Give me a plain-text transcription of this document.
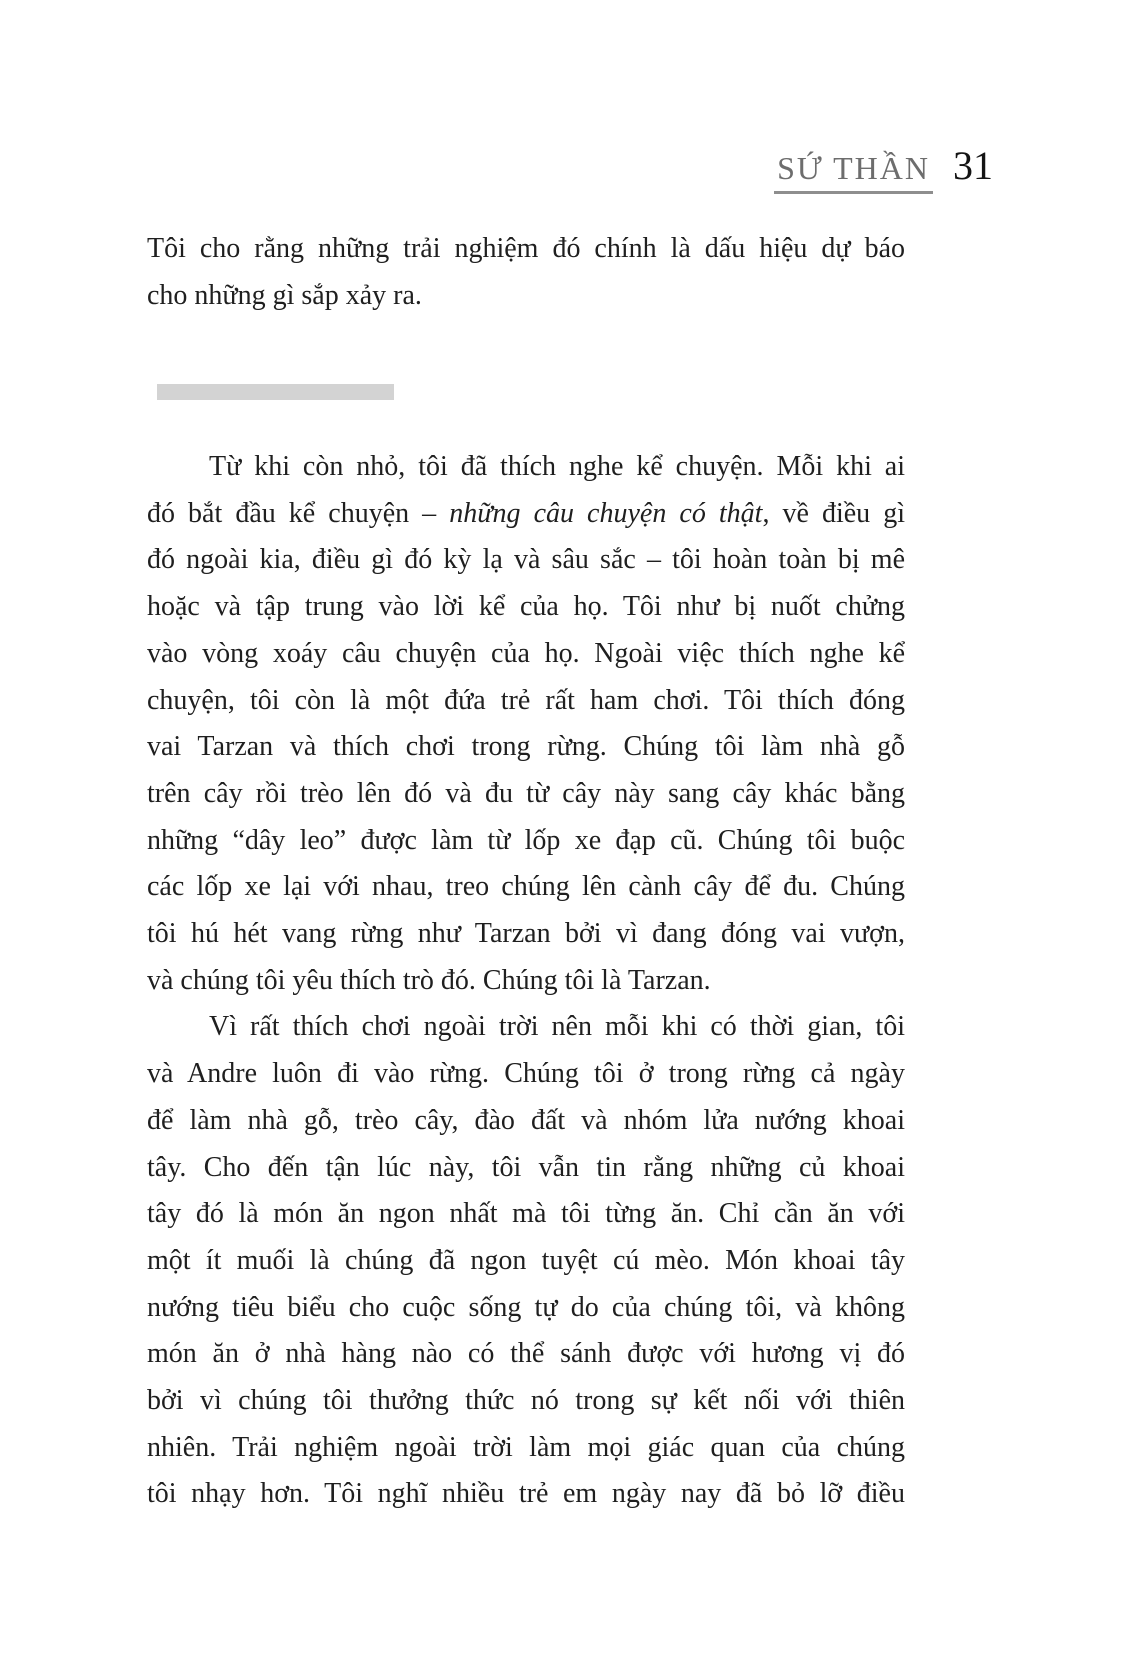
SỨ THẦN 31
Tôi cho rằng những trải nghiệm đó chính là dấu hiệu dự báo
cho những gì sắp xảy ra.
Từ khi còn nhỏ, tôi đã thích nghe kể chuyện. Mỗi khi ai
đó bắt đầu kể chuyện – những câu chuyện có thật, về điều gì
đó ngoài kia, điều gì đó kỳ lạ và sâu sắc – tôi hoàn toàn bị mê
hoặc và tập trung vào lời kể của họ. Tôi như bị nuốt chửng
vào vòng xoáy câu chuyện của họ. Ngoài việc thích nghe kể
chuyện, tôi còn là một đứa trẻ rất ham chơi. Tôi thích đóng
vai Tarzan và thích chơi trong rừng. Chúng tôi làm nhà gỗ
trên cây rồi trèo lên đó và đu từ cây này sang cây khác bằng
những “dây leo” được làm từ lốp xe đạp cũ. Chúng tôi buộc
các lốp xe lại với nhau, treo chúng lên cành cây để đu. Chúng
tôi hú hét vang rừng như Tarzan bởi vì đang đóng vai vượn,
và chúng tôi yêu thích trò đó. Chúng tôi là Tarzan.
Vì rất thích chơi ngoài trời nên mỗi khi có thời gian, tôi
và Andre luôn đi vào rừng. Chúng tôi ở trong rừng cả ngày
để làm nhà gỗ, trèo cây, đào đất và nhóm lửa nướng khoai
tây. Cho đến tận lúc này, tôi vẫn tin rằng những củ khoai
tây đó là món ăn ngon nhất mà tôi từng ăn. Chỉ cần ăn với
một ít muối là chúng đã ngon tuyệt cú mèo. Món khoai tây
nướng tiêu biểu cho cuộc sống tự do của chúng tôi, và không
món ăn ở nhà hàng nào có thể sánh được với hương vị đó
bởi vì chúng tôi thưởng thức nó trong sự kết nối với thiên
nhiên. Trải nghiệm ngoài trời làm mọi giác quan của chúng
tôi nhạy hơn. Tôi nghĩ nhiều trẻ em ngày nay đã bỏ lỡ điều
